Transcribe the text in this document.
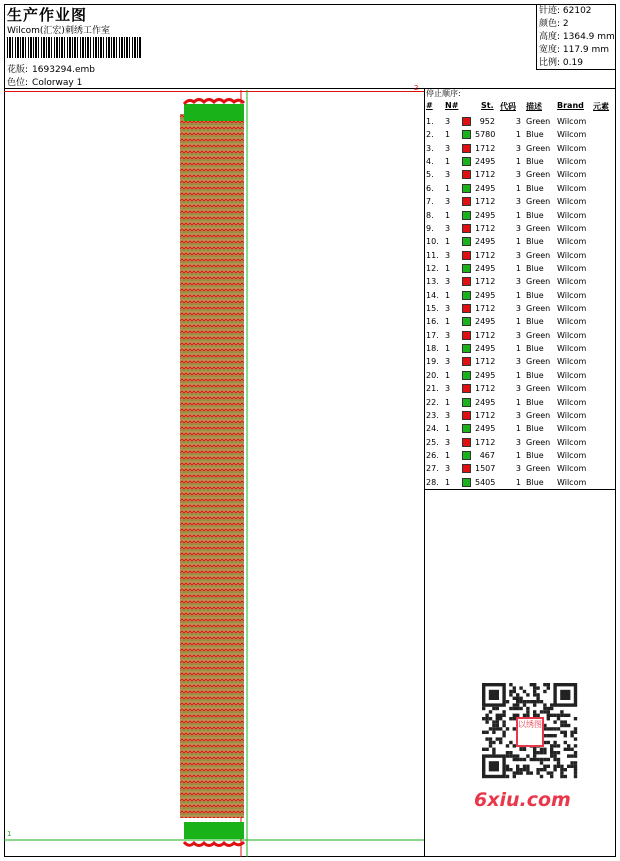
生产作业图
Wilcom(汇宏)刺绣工作室
花版: 1693294.emb
色位: Colorway 1
针迹: 62102
颜色: 2
高度: 1364.9 mm
宽度: 117.9 mm
比例: 0.19
2
1
停止顺序:
# N#	St. 代码 描述 Brand 元素
1. 3	952	3 Green Wilcom
2. 1	5780	1 Blue Wilcom
3. 3	1712	3 Green Wilcom
4. 1	2495	1 Blue Wilcom
5. 3	1712	3 Green Wilcom
6. 1	2495	1 Blue Wilcom
7. 3	1712	3 Green Wilcom
8. 1	2495	1 Blue Wilcom
9. 3	1712	3 Green Wilcom
10. 1	2495	1 Blue Wilcom
11. 3	1712	3 Green Wilcom
12. 1	2495	1 Blue Wilcom
13. 3	1712	3 Green Wilcom
14. 1	2495	1 Blue Wilcom
15. 3	1712	3 Green Wilcom
16. 1	2495	1 Blue Wilcom
17. 3	1712	3 Green Wilcom
18. 1	2495	1 Blue Wilcom
19. 3	1712	3 Green Wilcom
20. 1	2495	1 Blue Wilcom
21. 3	1712	3 Green Wilcom
22. 1	2495	1 Blue Wilcom
23. 3	1712	3 Green Wilcom
24. 1	2495	1 Blue Wilcom
25. 3	1712	3 Green Wilcom
26. 1	467	1 Blue Wilcom
27. 3	1507	3 Green Wilcom
28. 1	5405	1 Blue Wilcom
以绣图
6xiu.com
